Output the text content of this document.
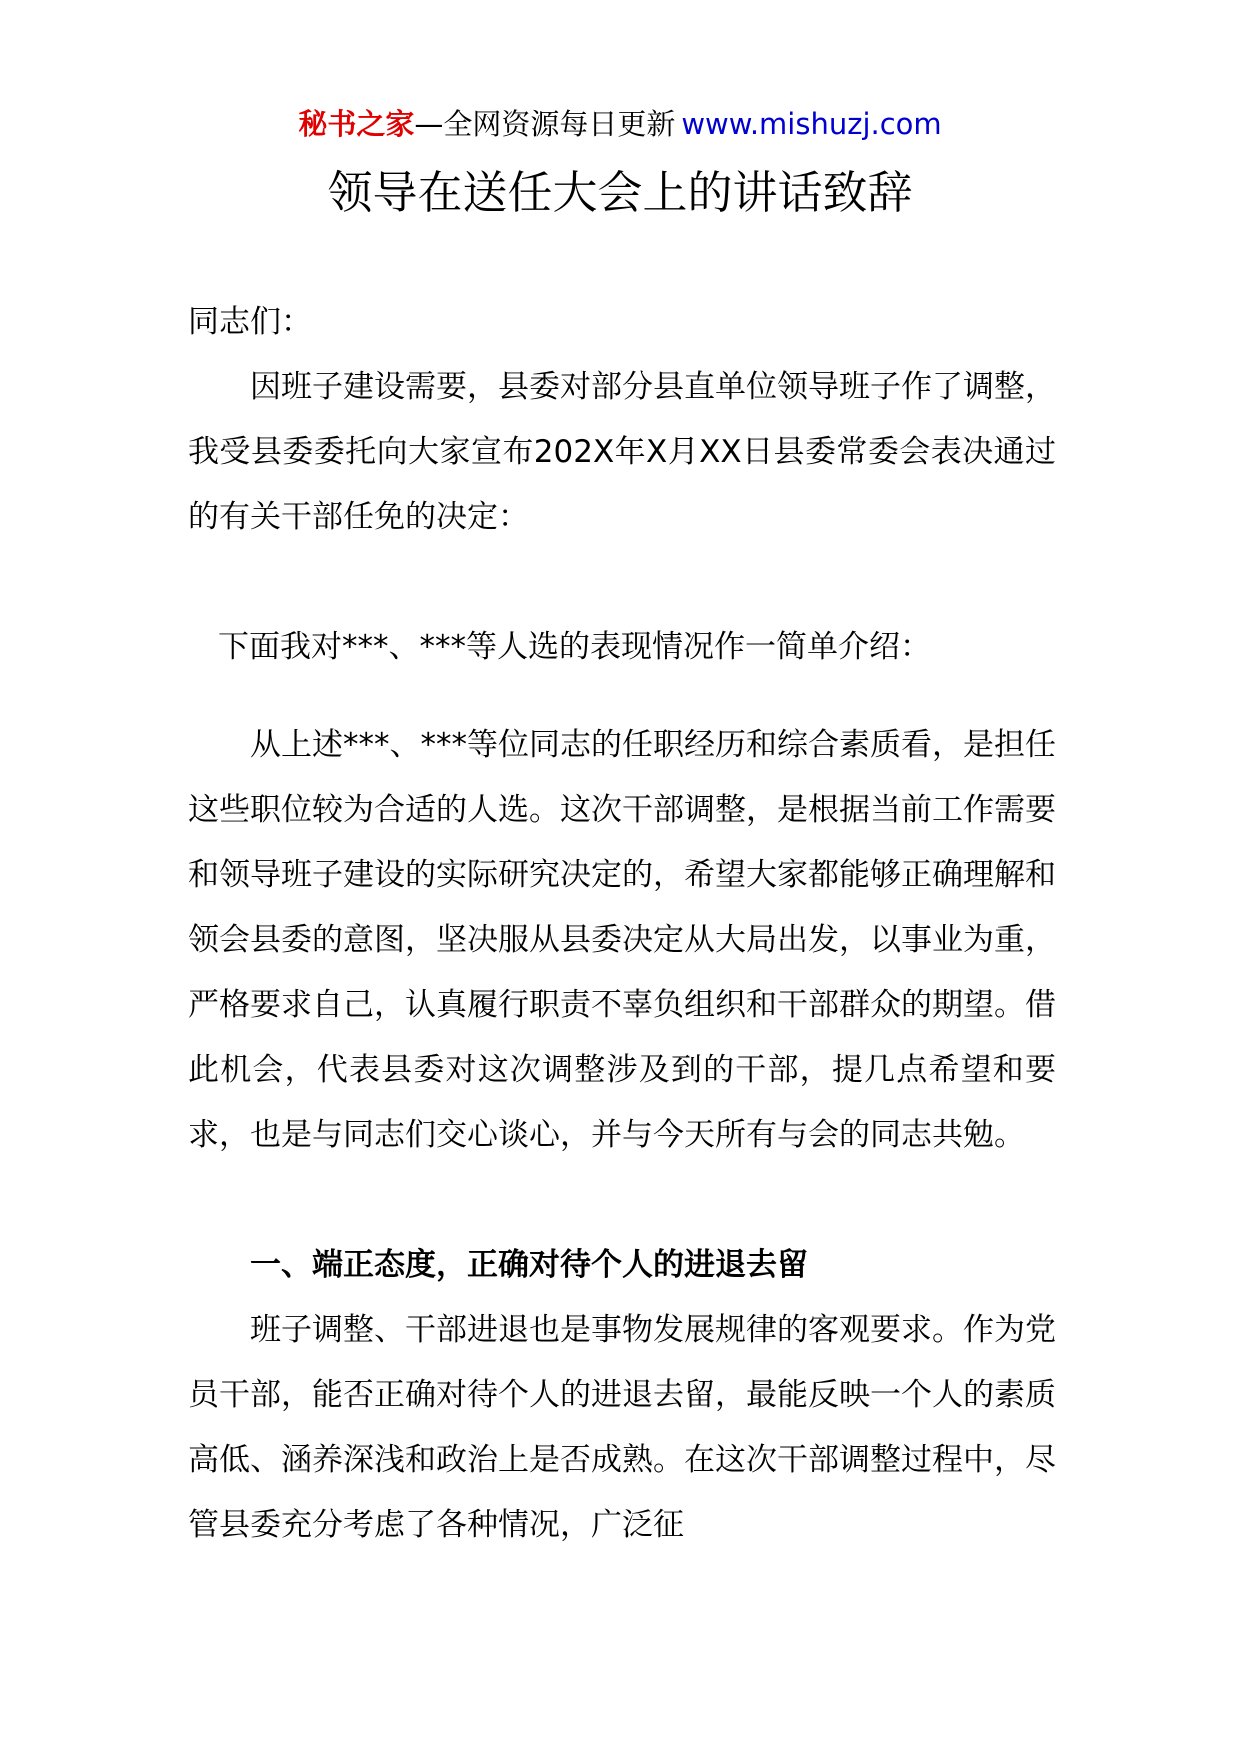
秘书之家—全网资源每日更新 www.mishuzj.com
领导在送任大会上的讲话致辞

同志们：

因班子建设需要，县委对部分县直单位领导班子作了调整，我受县委委托向大家宣布202X年X月XX日县委常委会表决通过的有关干部任免的决定：

下面我对***、***等人选的表现情况作一简单介绍：

从上述***、***等位同志的任职经历和综合素质看，是担任这些职位较为合适的人选。这次干部调整，是根据当前工作需要和领导班子建设的实际研究决定的，希望大家都能够正确理解和领会县委的意图，坚决服从县委决定从大局出发，以事业为重，严格要求自己，认真履行职责不辜负组织和干部群众的期望。借此机会，代表县委对这次调整涉及到的干部，提几点希望和要求，也是与同志们交心谈心，并与今天所有与会的同志共勉。

一、端正态度，正确对待个人的进退去留

班子调整、干部进退也是事物发展规律的客观要求。作为党员干部，能否正确对待个人的进退去留，最能反映一个人的素质高低、涵养深浅和政治上是否成熟。在这次干部调整过程中，尽管县委充分考虑了各种情况，广泛征
